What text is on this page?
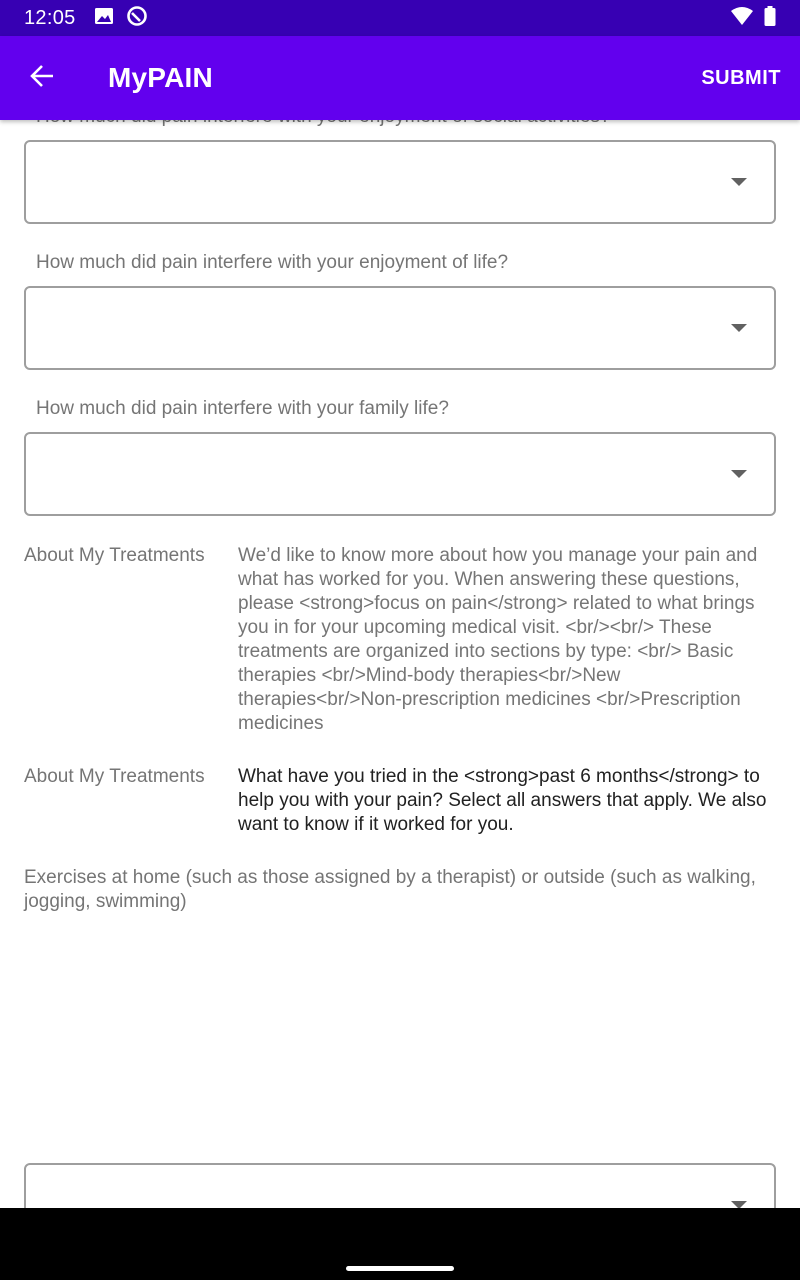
12:05
MyPAIN	SUBMIT
How much did pain interfere with your enjoyment of life?
How much did pain interfere with your family life?
About My Treatments	We’d like to know more about how you manage your pain and what has worked for you. When answering these questions, please <strong>focus on pain</strong> related to what brings you in for your upcoming medical visit. <br/><br/> These treatments are organized into sections by type: <br/> Basic therapies <br/>Mind-body therapies<br/>New therapies<br/>Non-prescription medicines <br/>Prescription medicines
About My Treatments	What have you tried in the <strong>past 6 months</strong> to help you with your pain? Select all answers that apply. We also want to know if it worked for you.
Exercises at home (such as those assigned by a therapist) or outside (such as walking, jogging, swimming)
